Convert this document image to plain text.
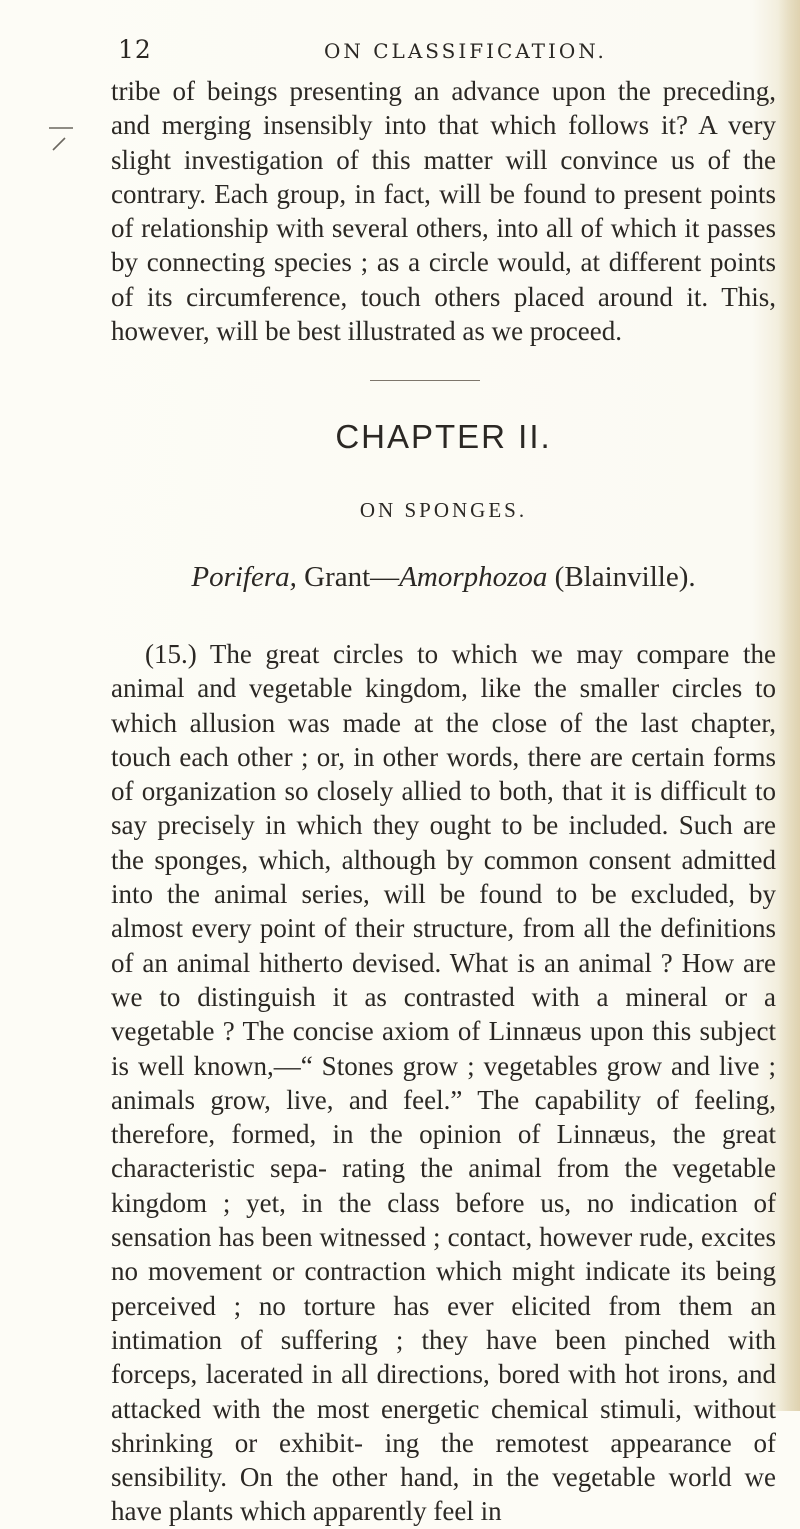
12	ON CLASSIFICATION.

tribe of beings presenting an advance upon the preceding, and merging insensibly into that which follows it? A very slight investigation of this matter will convince us of the contrary. Each group, in fact, will be found to present points of relationship with several others, into all of which it passes by connecting species ; as a circle would, at different points of its circumference, touch others placed around it. This, however, will be best illustrated as we proceed.

CHAPTER II.
ON SPONGES.
Porifera, Grant—Amorphozoa (Blainville).

(15.) The great circles to which we may compare the animal and vegetable kingdom, like the smaller circles to which allusion was made at the close of the last chapter, touch each other ; or, in other words, there are certain forms of organization so closely allied to both, that it is difficult to say precisely in which they ought to be included. Such are the sponges, which, although by common consent admitted into the animal series, will be found to be excluded, by almost every point of their structure, from all the definitions of an animal hitherto devised. What is an animal ? How are we to distinguish it as contrasted with a mineral or a vegetable ? The concise axiom of Linnæus upon this subject is well known,—“ Stones grow ; vegetables grow and live ; animals grow, live, and feel.” The capability of feeling, therefore, formed, in the opinion of Linnæus, the great characteristic sepa- rating the animal from the vegetable kingdom ; yet, in the class before us, no indication of sensation has been witnessed ; contact, however rude, excites no movement or contraction which might indicate its being perceived ; no torture has ever elicited from them an intimation of suffering ; they have been pinched with forceps, lacerated in all directions, bored with hot irons, and attacked with the most energetic chemical stimuli, without shrinking or exhibit- ing the remotest appearance of sensibility. On the other hand, in the vegetable world we have plants which apparently feel in
